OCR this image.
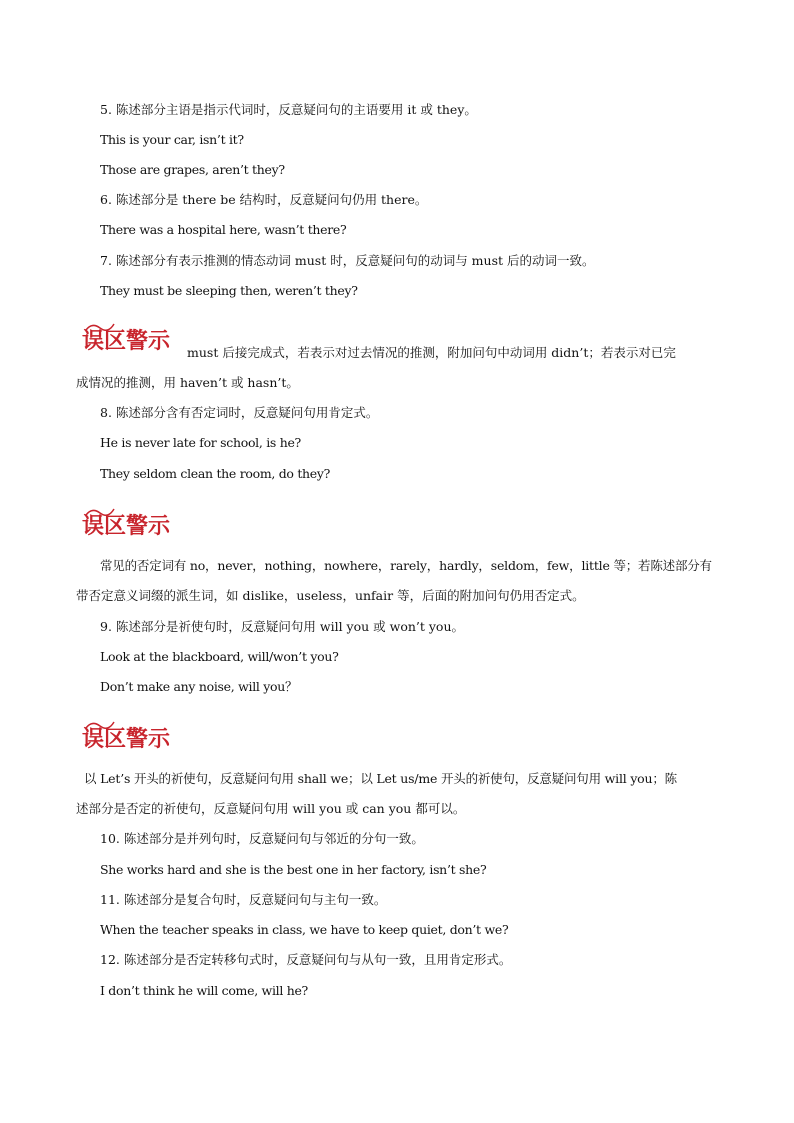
5. 陈述部分主语是指示代词时，反意疑问句的主语要用 it 或 they。
This is your car, isn’t it?
Those are grapes, aren’t they?
6. 陈述部分是 there be 结构时，反意疑问句仍用 there。
There was a hospital here, wasn’t there?
7. 陈述部分有表示推测的情态动词 must 时，反意疑问句的动词与 must 后的动词一致。
They must be sleeping then, weren’t they?
误区警示 must 后接完成式，若表示对过去情况的推测，附加问句中动词用 didn’t；若表示对已完
成情况的推测，用 haven’t 或 hasn’t。
8. 陈述部分含有否定词时，反意疑问句用肯定式。
He is never late for school, is he?
They seldom clean the room, do they?
误区警示
常见的否定词有 no，never，nothing，nowhere，rarely，hardly，seldom，few，little 等；若陈述部分有
带否定意义词缀的派生词，如 dislike，useless，unfair 等，后面的附加问句仍用否定式。
9. 陈述部分是祈使句时，反意疑问句用 will you 或 won’t you。
Look at the blackboard, will/won’t you?
Don’t make any noise, will you？
误区警示
以 Let’s 开头的祈使句，反意疑问句用 shall we；以 Let us/me 开头的祈使句，反意疑问句用 will you；陈
述部分是否定的祈使句，反意疑问句用 will you 或 can you 都可以。
10. 陈述部分是并列句时，反意疑问句与邻近的分句一致。
She works hard and she is the best one in her factory, isn’t she?
11. 陈述部分是复合句时，反意疑问句与主句一致。
When the teacher speaks in class, we have to keep quiet, don’t we?
12. 陈述部分是否定转移句式时，反意疑问句与从句一致，且用肯定形式。
I don’t think he will come, will he?
